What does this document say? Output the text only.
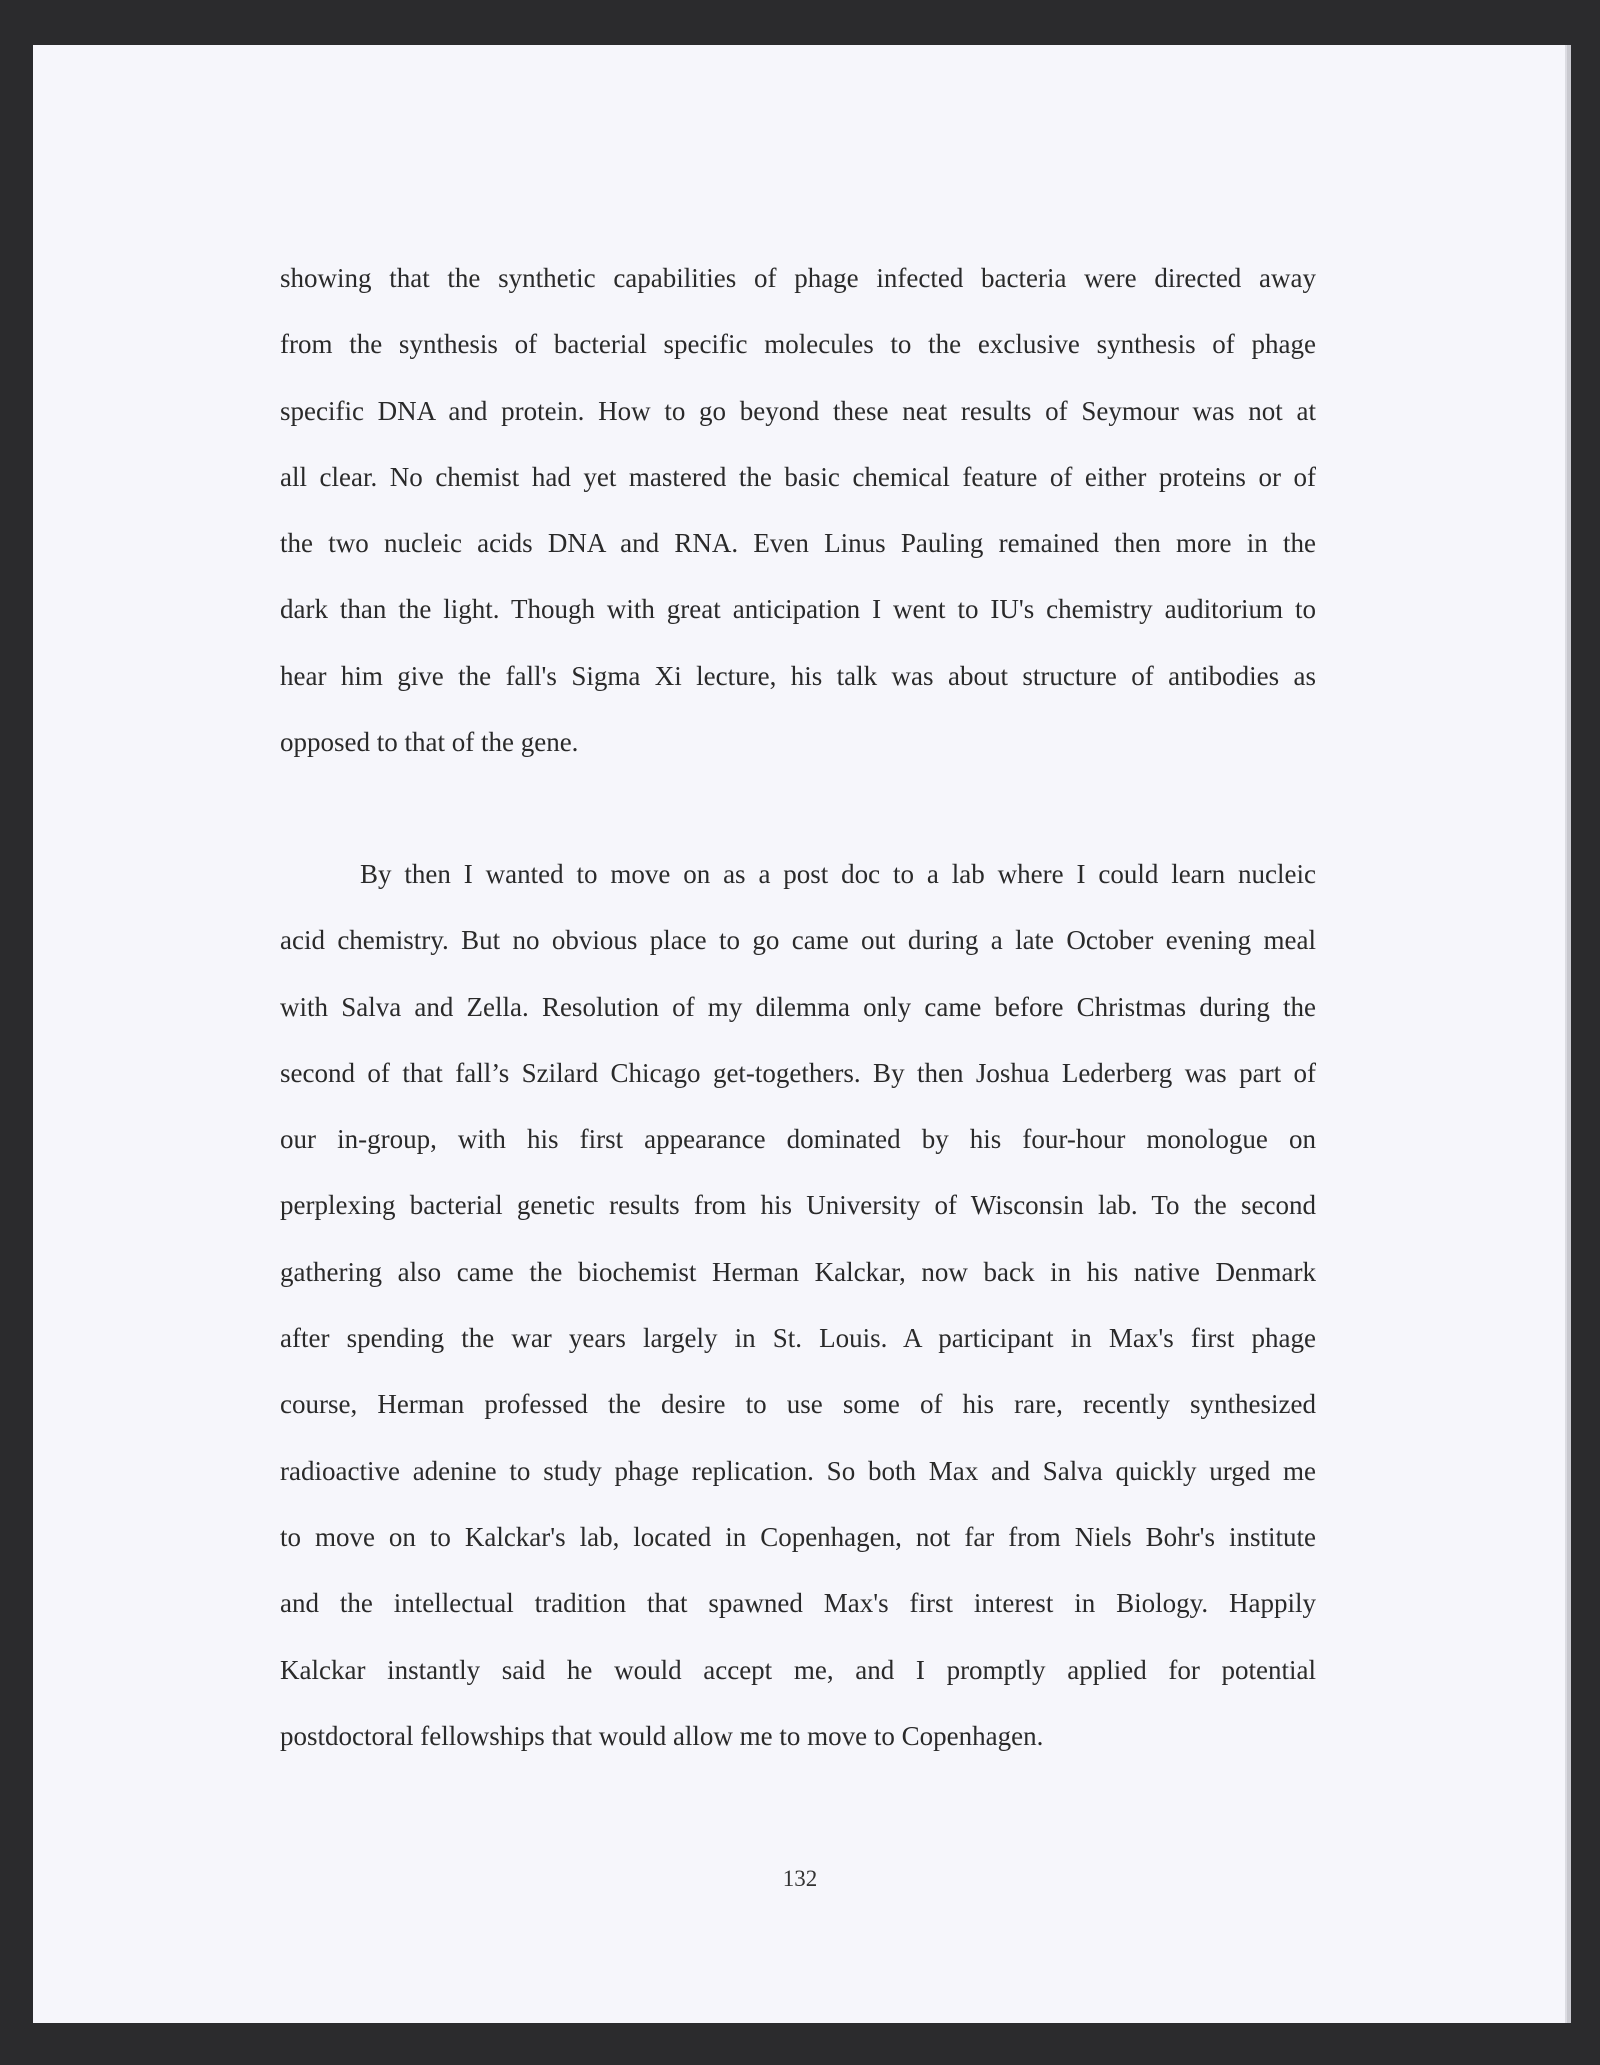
showing that the synthetic capabilities of phage infected bacteria were directed away
from the synthesis of bacterial specific molecules to the exclusive synthesis of phage
specific DNA and protein. How to go beyond these neat results of Seymour was not at
all clear. No chemist had yet mastered the basic chemical feature of either proteins or of
the two nucleic acids DNA and RNA. Even Linus Pauling remained then more in the
dark than the light. Though with great anticipation I went to IU's chemistry auditorium to
hear him give the fall's Sigma Xi lecture, his talk was about structure of antibodies as
opposed to that of the gene.
By then I wanted to move on as a post doc to a lab where I could learn nucleic
acid chemistry. But no obvious place to go came out during a late October evening meal
with Salva and Zella. Resolution of my dilemma only came before Christmas during the
second of that fall’s Szilard Chicago get-togethers. By then Joshua Lederberg was part of
our in-group, with his first appearance dominated by his four-hour monologue on
perplexing bacterial genetic results from his University of Wisconsin lab. To the second
gathering also came the biochemist Herman Kalckar, now back in his native Denmark
after spending the war years largely in St. Louis. A participant in Max's first phage
course, Herman professed the desire to use some of his rare, recently synthesized
radioactive adenine to study phage replication. So both Max and Salva quickly urged me
to move on to Kalckar's lab, located in Copenhagen, not far from Niels Bohr's institute
and the intellectual tradition that spawned Max's first interest in Biology. Happily
Kalckar instantly said he would accept me, and I promptly applied for potential
postdoctoral fellowships that would allow me to move to Copenhagen.
132
